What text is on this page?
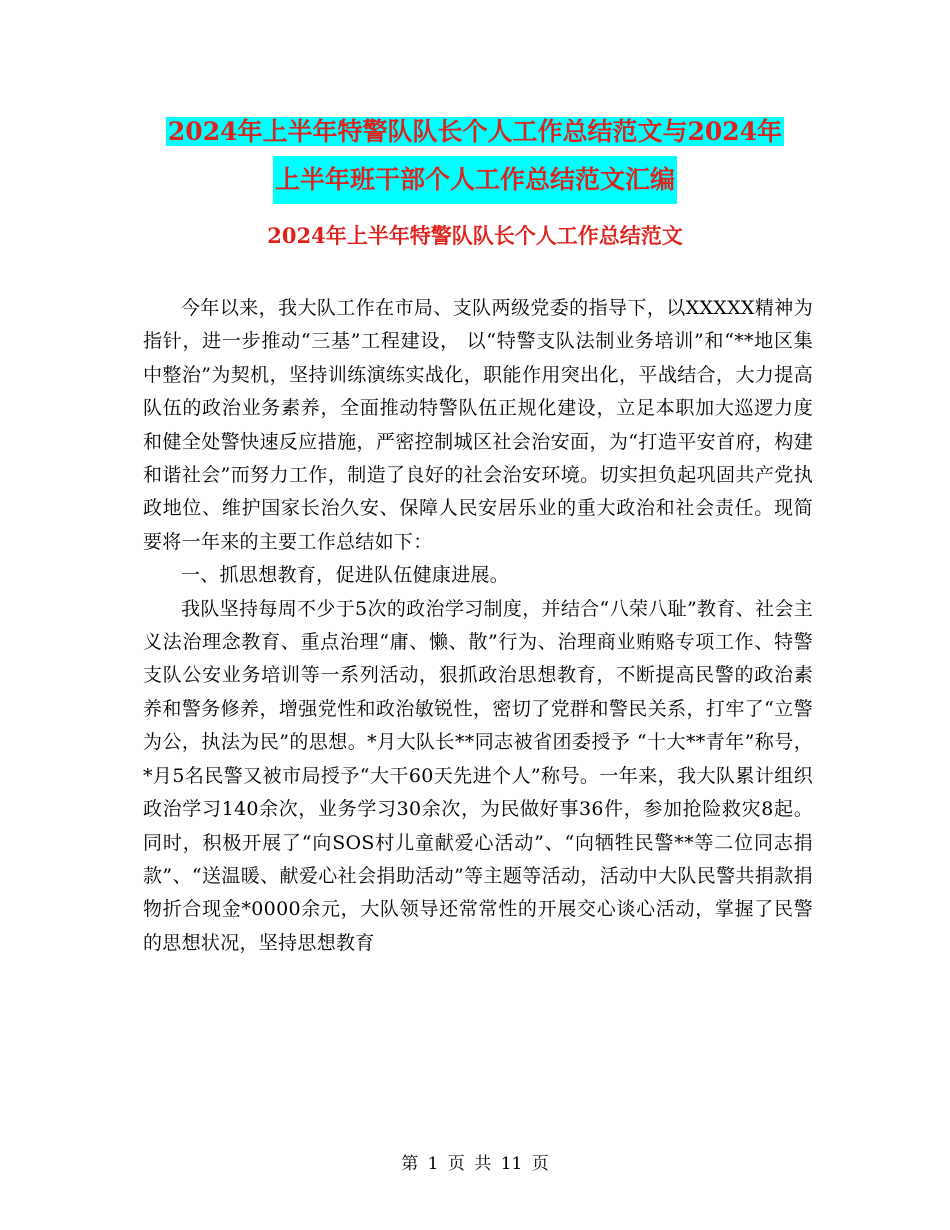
2024年上半年特警队队长个人工作总结范文与2024年
上半年班干部个人工作总结范文汇编
2024年上半年特警队队长个人工作总结范文

今年以来，我大队工作在市局、支队两级党委的指导下，以XXXXX精神为指针，进一步推动“三基”工程建设， 以“特警支队法制业务培训”和“**地区集中整治”为契机，坚持训练演练实战化，职能作用突出化，平战结合，大力提高队伍的政治业务素养，全面推动特警队伍正规化建设，立足本职加大巡逻力度和健全处警快速反应措施，严密控制城区社会治安面，为“打造平安首府，构建和谐社会”而努力工作，制造了良好的社会治安环境。切实担负起巩固共产党执政地位、维护国家长治久安、保障人民安居乐业的重大政治和社会责任。现简要将一年来的主要工作总结如下：

一、抓思想教育，促进队伍健康进展。

我队坚持每周不少于5次的政治学习制度，并结合“八荣八耻”教育、社会主义法治理念教育、重点治理“庸、懒、散”行为、治理商业贿赂专项工作、特警支队公安业务培训等一系列活动，狠抓政治思想教育，不断提高民警的政治素养和警务修养，增强党性和政治敏锐性，密切了党群和警民关系，打牢了“立警为公，执法为民”的思想。*月大队长**同志被省团委授予 “十大**青年”称号，*月5名民警又被市局授予“大干60天先进个人”称号。一年来，我大队累计组织政治学习140余次，业务学习30余次，为民做好事36件，参加抢险救灾8起。同时，积极开展了“向SOS村儿童献爱心活动”、“向牺牲民警**等二位同志捐款”、“送温暖、献爱心社会捐助活动”等主题等活动，活动中大队民警共捐款捐物折合现金*0000余元，大队领导还常常性的开展交心谈心活动，掌握了民警的思想状况，坚持思想教育

第 1 页 共 11 页
